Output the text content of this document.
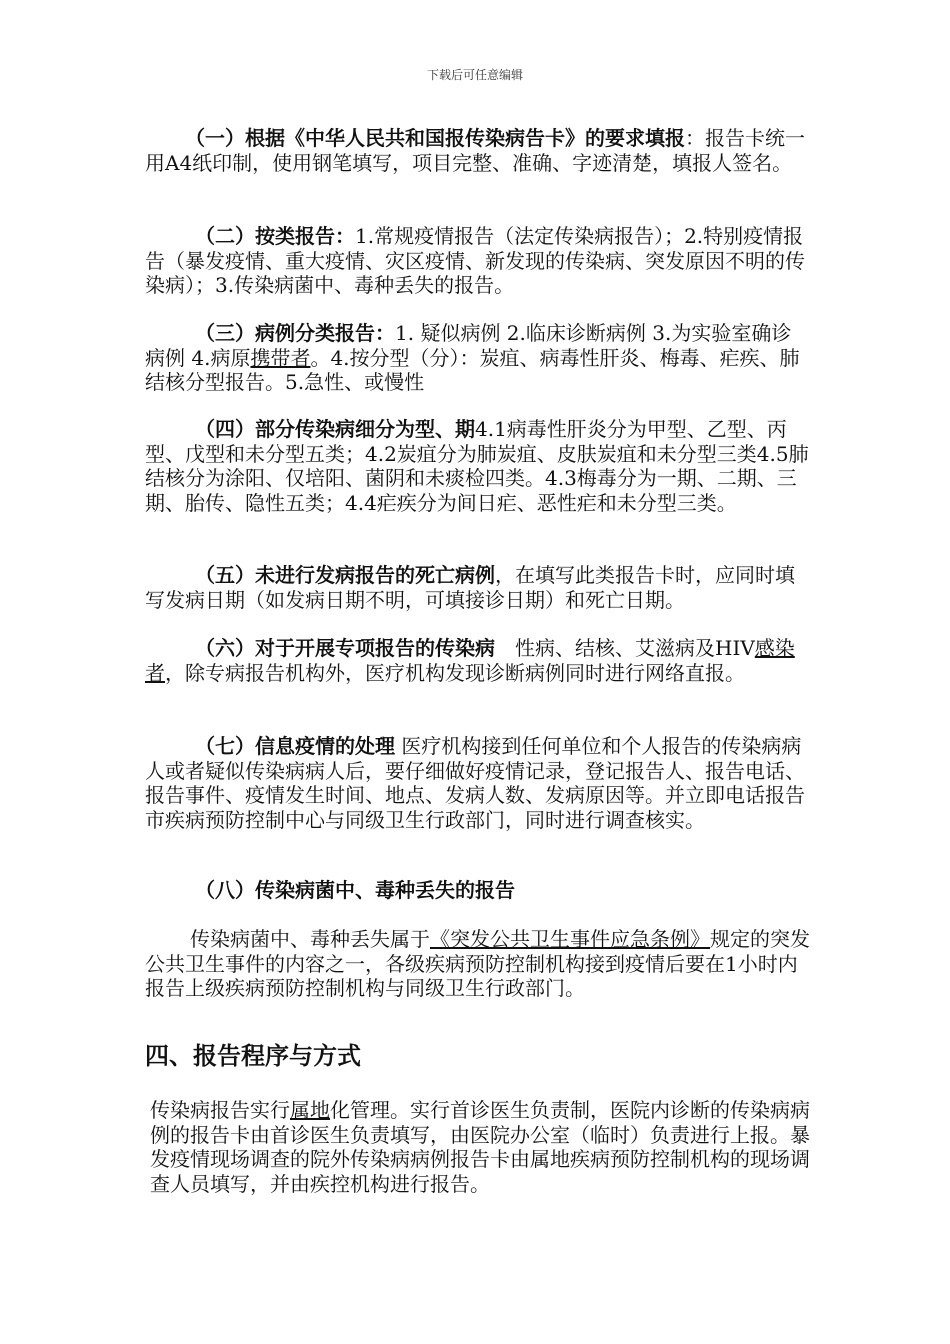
下载后可任意编辑

（一）根据《中华人民共和国报传染病告卡》的要求填报：报告卡统一用A4纸印制，使用钢笔填写，项目完整、准确、字迹清楚，填报人签名。

（二）按类报告：1.常规疫情报告（法定传染病报告）；2.特别疫情报告（暴发疫情、重大疫情、灾区疫情、新发现的传染病、突发原因不明的传染病）；3.传染病菌中、毒种丢失的报告。

（三）病例分类报告：1. 疑似病例 2.临床诊断病例 3.为实验室确诊病例 4.病原携带者。4.按分型（分）：炭疽、病毒性肝炎、梅毒、疟疾、肺结核分型报告。5.急性、或慢性

（四）部分传染病细分为型、期4.1病毒性肝炎分为甲型、乙型、丙型、戊型和未分型五类；4.2炭疽分为肺炭疽、皮肤炭疽和未分型三类4.5肺结核分为涂阳、仅培阳、菌阴和未痰检四类。4.3梅毒分为一期、二期、三期、胎传、隐性五类；4.4疟疾分为间日疟、恶性疟和未分型三类。

（五）未进行发病报告的死亡病例，在填写此类报告卡时，应同时填写发病日期（如发病日期不明，可填接诊日期）和死亡日期。

（六）对于开展专项报告的传染病　性病、结核、艾滋病及HIV感染者，除专病报告机构外，医疗机构发现诊断病例同时进行网络直报。

（七）信息疫情的处理 医疗机构接到任何单位和个人报告的传染病病人或者疑似传染病病人后，要仔细做好疫情记录，登记报告人、报告电话、报告事件、疫情发生时间、地点、发病人数、发病原因等。并立即电话报告市疾病预防控制中心与同级卫生行政部门，同时进行调查核实。

（八）传染病菌中、毒种丢失的报告

传染病菌中、毒种丢失属于《突发公共卫生事件应急条例》规定的突发公共卫生事件的内容之一，各级疾病预防控制机构接到疫情后要在1小时内报告上级疾病预防控制机构与同级卫生行政部门。

四、报告程序与方式

传染病报告实行属地化管理。实行首诊医生负责制，医院内诊断的传染病病例的报告卡由首诊医生负责填写，由医院办公室（临时）负责进行上报。暴发疫情现场调查的院外传染病病例报告卡由属地疾病预防控制机构的现场调查人员填写，并由疾控机构进行报告。
